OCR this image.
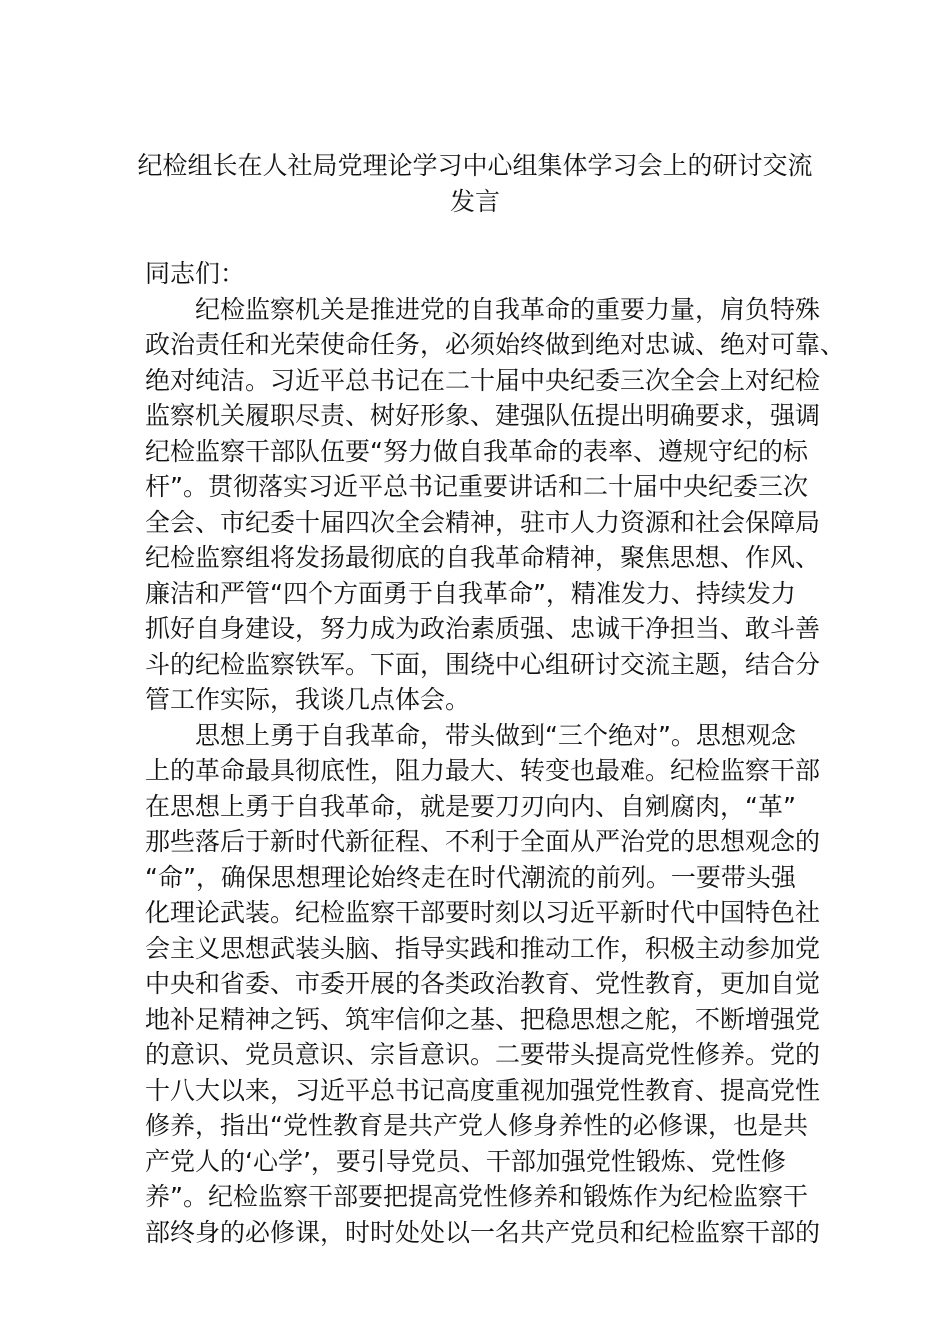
纪检组长在人社局党理论学习中心组集体学习会上的研讨交流
发言
同志们：
　　纪检监察机关是推进党的自我革命的重要力量，肩负特殊
政治责任和光荣使命任务，必须始终做到绝对忠诚、绝对可靠、
绝对纯洁。习近平总书记在二十届中央纪委三次全会上对纪检
监察机关履职尽责、树好形象、建强队伍提出明确要求，强调
纪检监察干部队伍要“努力做自我革命的表率、遵规守纪的标
杆”。贯彻落实习近平总书记重要讲话和二十届中央纪委三次
全会、市纪委十届四次全会精神，驻市人力资源和社会保障局
纪检监察组将发扬最彻底的自我革命精神，聚焦思想、作风、
廉洁和严管“四个方面勇于自我革命”，精准发力、持续发力
抓好自身建设，努力成为政治素质强、忠诚干净担当、敢斗善
斗的纪检监察铁军。下面，围绕中心组研讨交流主题，结合分
管工作实际，我谈几点体会。
　　思想上勇于自我革命，带头做到“三个绝对”。思想观念
上的革命最具彻底性，阻力最大、转变也最难。纪检监察干部
在思想上勇于自我革命，就是要刀刃向内、自剜腐肉，“革”
那些落后于新时代新征程、不利于全面从严治党的思想观念的
“命”，确保思想理论始终走在时代潮流的前列。一要带头强
化理论武装。纪检监察干部要时刻以习近平新时代中国特色社
会主义思想武装头脑、指导实践和推动工作，积极主动参加党
中央和省委、市委开展的各类政治教育、党性教育，更加自觉
地补足精神之钙、筑牢信仰之基、把稳思想之舵，不断增强党
的意识、党员意识、宗旨意识。二要带头提高党性修养。党的
十八大以来，习近平总书记高度重视加强党性教育、提高党性
修养，指出“党性教育是共产党人修身养性的必修课，也是共
产党人的‘心学’，要引导党员、干部加强党性锻炼、党性修
养”。纪检监察干部要把提高党性修养和锻炼作为纪检监察干
部终身的必修课，时时处处以一名共产党员和纪检监察干部的
